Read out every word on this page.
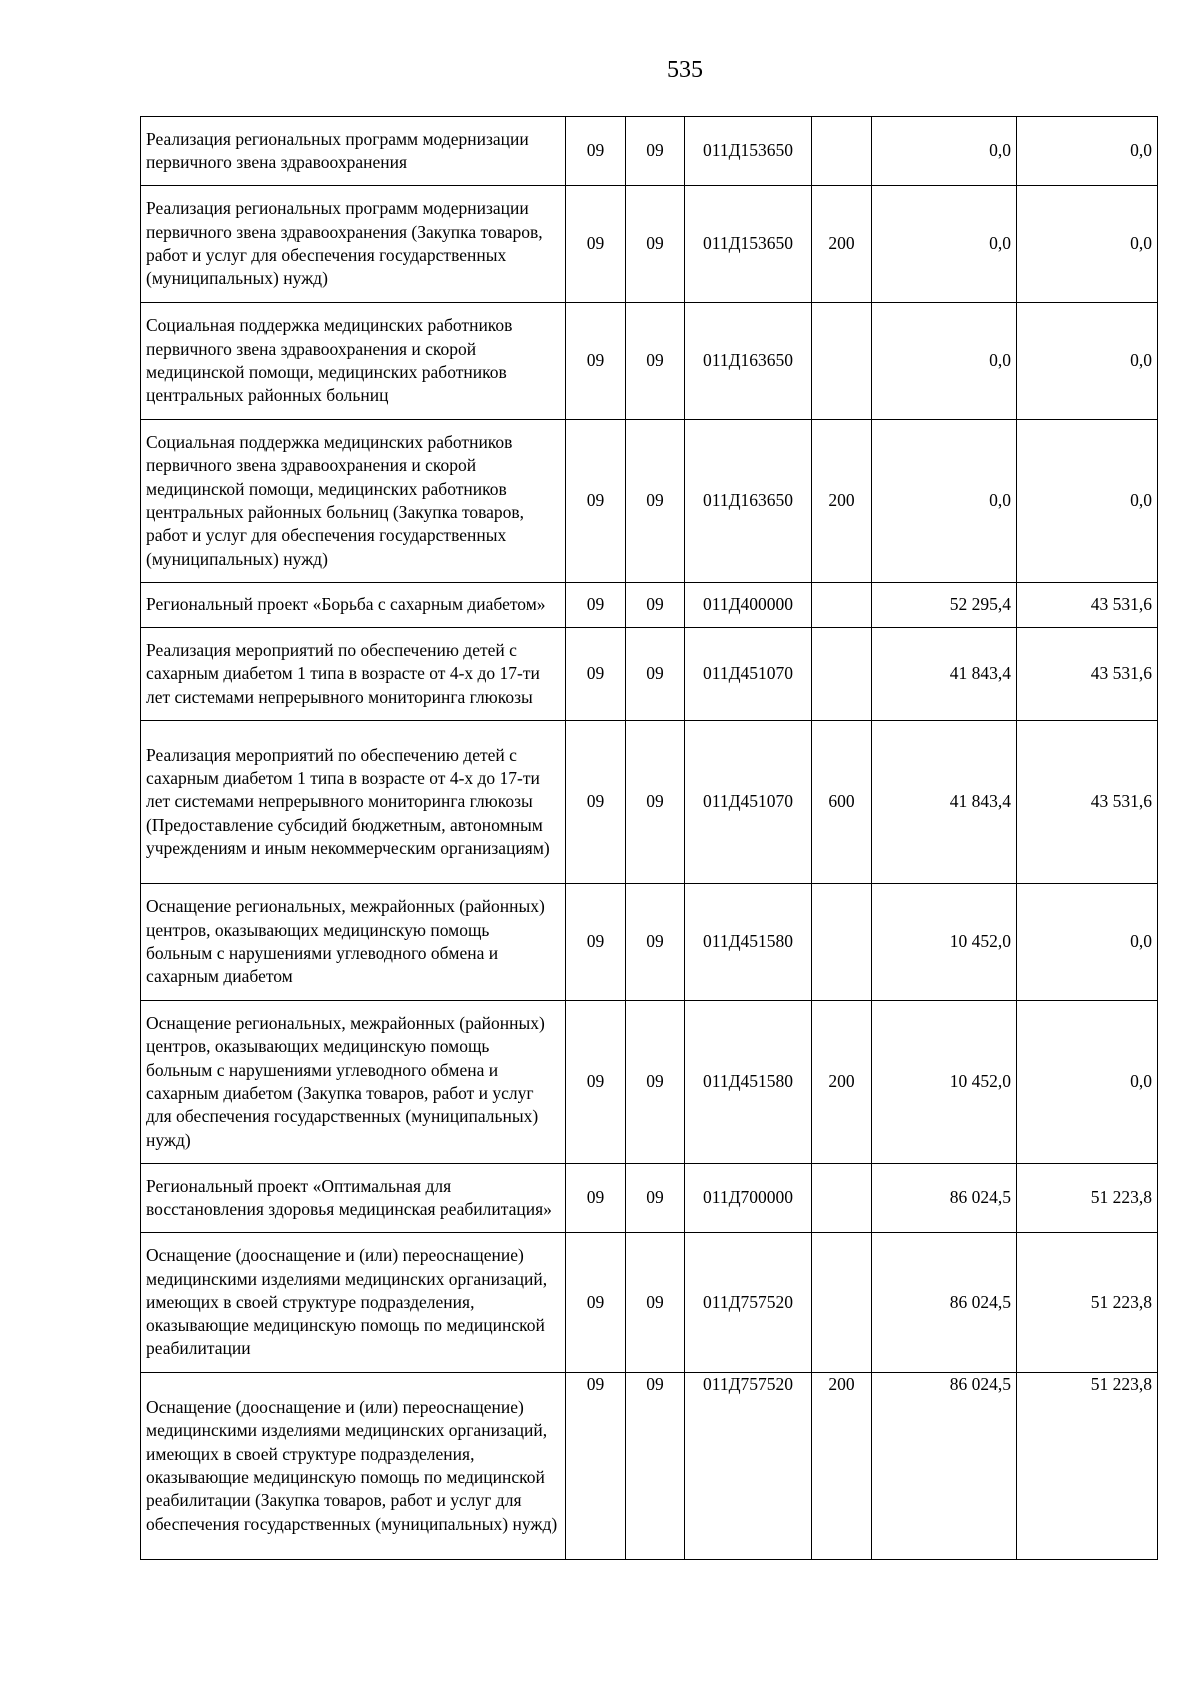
535
Реализация региональных программ модернизации первичного звена здравоохранения	09	09	011Д153650		0,0	0,0
Реализация региональных программ модернизации первичного звена здравоохранения (Закупка товаров, работ и услуг для обеспечения государственных (муниципальных) нужд)	09	09	011Д153650	200	0,0	0,0
Социальная поддержка медицинских работников первичного звена здравоохранения и скорой медицинской помощи, медицинских работников центральных районных больниц	09	09	011Д163650		0,0	0,0
Социальная поддержка медицинских работников первичного звена здравоохранения и скорой медицинской помощи, медицинских работников центральных районных больниц (Закупка товаров, работ и услуг для обеспечения государственных (муниципальных) нужд)	09	09	011Д163650	200	0,0	0,0
Региональный проект «Борьба с сахарным диабетом»	09	09	011Д400000		52 295,4	43 531,6
Реализация мероприятий по обеспечению детей с сахарным диабетом 1 типа в возрасте от 4-х до 17-ти лет системами непрерывного мониторинга глюкозы	09	09	011Д451070		41 843,4	43 531,6
Реализация мероприятий по обеспечению детей с сахарным диабетом 1 типа в возрасте от 4-х до 17-ти лет системами непрерывного мониторинга глюкозы (Предоставление субсидий бюджетным, автономным учреждениям и иным некоммерческим организациям)	09	09	011Д451070	600	41 843,4	43 531,6
Оснащение региональных, межрайонных (районных) центров, оказывающих медицинскую помощь больным с нарушениями углеводного обмена и сахарным диабетом	09	09	011Д451580		10 452,0	0,0
Оснащение региональных, межрайонных (районных) центров, оказывающих медицинскую помощь больным с нарушениями углеводного обмена и сахарным диабетом (Закупка товаров, работ и услуг для обеспечения государственных (муниципальных) нужд)	09	09	011Д451580	200	10 452,0	0,0
Региональный проект «Оптимальная для восстановления здоровья медицинская реабилитация»	09	09	011Д700000		86 024,5	51 223,8
Оснащение (дооснащение и (или) переоснащение) медицинскими изделиями медицинских организаций, имеющих в своей структуре подразделения, оказывающие медицинскую помощь по медицинской реабилитации	09	09	011Д757520		86 024,5	51 223,8
Оснащение (дооснащение и (или) переоснащение) медицинскими изделиями медицинских организаций, имеющих в своей структуре подразделения, оказывающие медицинскую помощь по медицинской реабилитации (Закупка товаров, работ и услуг для обеспечения государственных (муниципальных) нужд)	09	09	011Д757520	200	86 024,5	51 223,8
